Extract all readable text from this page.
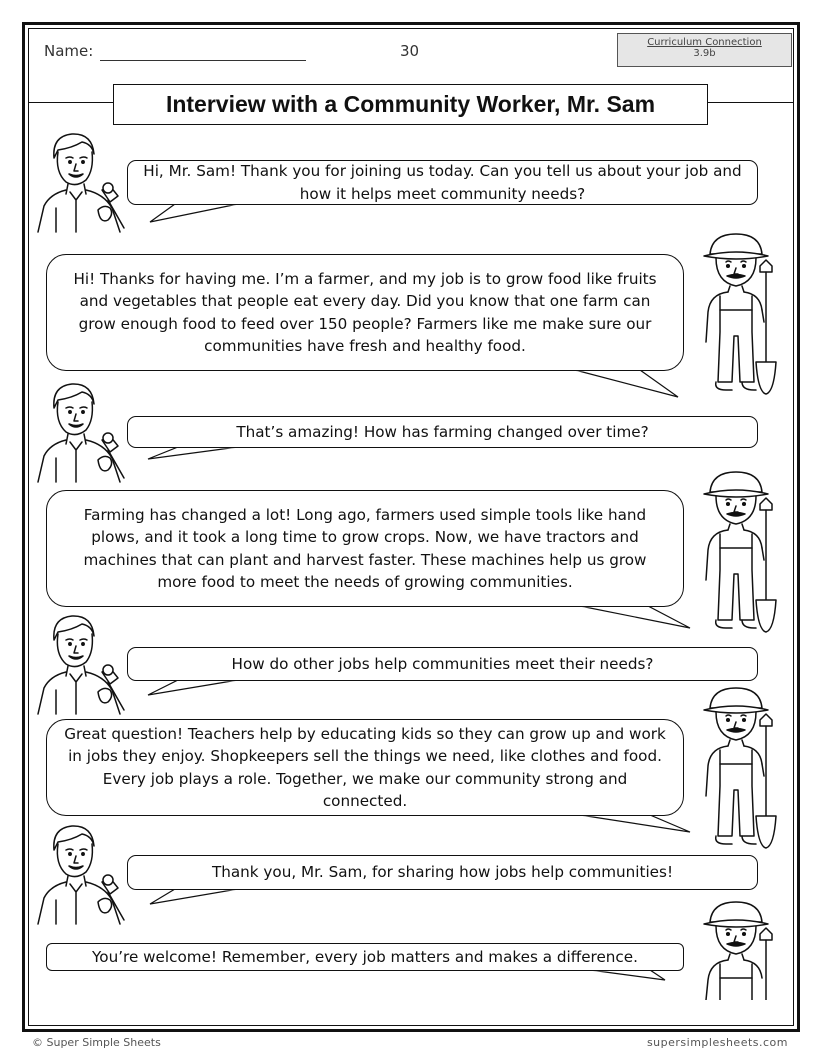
Name:	30	Curriculum Connection
3.9b
Interview with a Community Worker, Mr. Sam
Hi, Mr. Sam! Thank you for joining us today. Can you tell us about your job and how it helps meet community needs?
Hi! Thanks for having me. I’m a farmer, and my job is to grow food like fruits and vegetables that people eat every day. Did you know that one farm can grow enough food to feed over 150 people? Farmers like me make sure our communities have fresh and healthy food.
That’s amazing! How has farming changed over time?
Farming has changed a lot! Long ago, farmers used simple tools like hand plows, and it took a long time to grow crops. Now, we have tractors and machines that can plant and harvest faster. These machines help us grow more food to meet the needs of growing communities.
How do other jobs help communities meet their needs?
Great question! Teachers help by educating kids so they can grow up and work in jobs they enjoy. Shopkeepers sell the things we need, like clothes and food. Every job plays a role. Together, we make our community strong and connected.
Thank you, Mr. Sam, for sharing how jobs help communities!
You’re welcome! Remember, every job matters and makes a difference.
© Super Simple Sheets	supersimplesheets.com
